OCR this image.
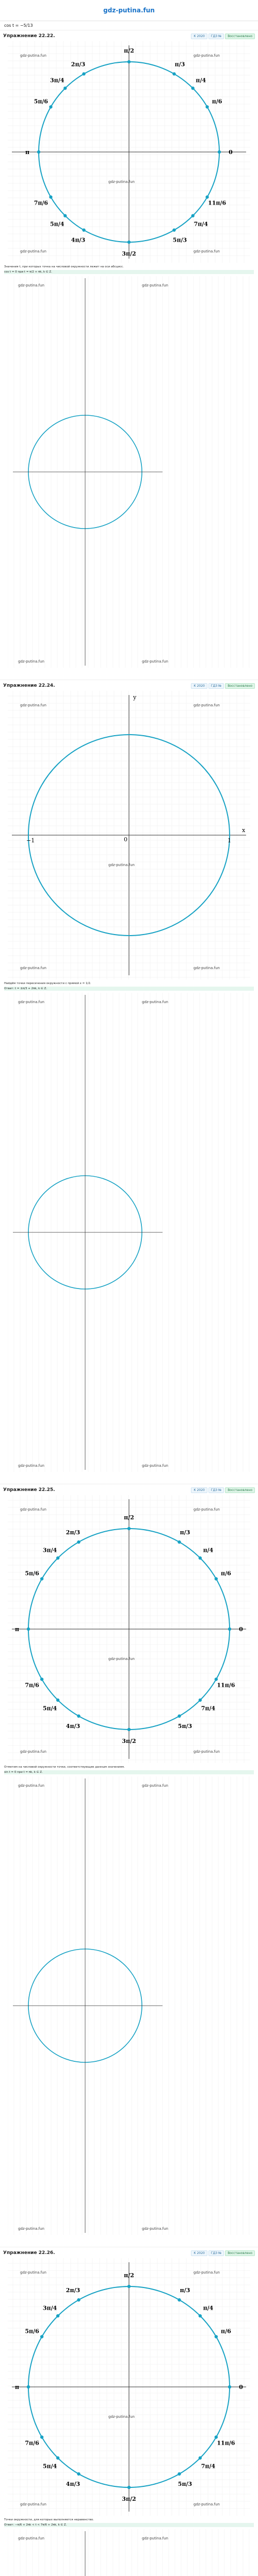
gdz-putina.fun
cos t = −5/13
Упражнение 22.22.	К 2020	ГДЗ №	Восстановлено
π/2
π/3
2π/3
π/4
3π/4
π/6
5π/6
π	0
7π/6	11π/6
5π/4	7π/4
4π/3	5π/3
3π/2
gdz-putina.fun	gdz-putina.fun
gdz-putina.fun	gdz-putina.fun
gdz-putina.fun

Значения t, при которых точка на числовой окружности лежит на оси абсцисс.

cos t = 0 при t = π/2 + πk, k ∈ Z.

gdz-putina.fun	gdz-putina.fun
gdz-putina.fun	gdz-putina.fun
Упражнение 22.24.	К 2020	ГДЗ №	Восстановлено
y
x
0	1
−1
gdz-putina.fun	gdz-putina.fun
gdz-putina.fun	gdz-putina.fun
gdz-putina.fun

Найдём точки пересечения окружности с прямой x = 1/2.

Ответ: t = ±π/3 + 2πk, k ∈ Z.

gdz-putina.fun	gdz-putina.fun
gdz-putina.fun	gdz-putina.fun
Упражнение 22.25.	К 2020	ГДЗ №	Восстановлено
π/2
π/3
2π/3
π/4
3π/4
π/6
5π/6
π	0
7π/6	11π/6
5π/4	7π/4
4π/3	5π/3
3π/2
gdz-putina.fun	gdz-putina.fun
gdz-putina.fun	gdz-putina.fun
gdz-putina.fun

Отметим на числовой окружности точки, соответствующие данным значениям.

sin t = 0 при t = πk, k ∈ Z.

gdz-putina.fun	gdz-putina.fun
gdz-putina.fun	gdz-putina.fun
Упражнение 22.26.	К 2020	ГДЗ №	Восстановлено
π/2
π/3
2π/3
π/4
3π/4
π/6
5π/6
π	0
7π/6	11π/6
5π/4	7π/4
4π/3	5π/3
3π/2
gdz-putina.fun	gdz-putina.fun
gdz-putina.fun	gdz-putina.fun
gdz-putina.fun

Точки окружности, для которых выполняется неравенство.

Ответ: −π/6 + 2πk < t < 7π/6 + 2πk, k ∈ Z.

gdz-putina.fun	gdz-putina.fun
